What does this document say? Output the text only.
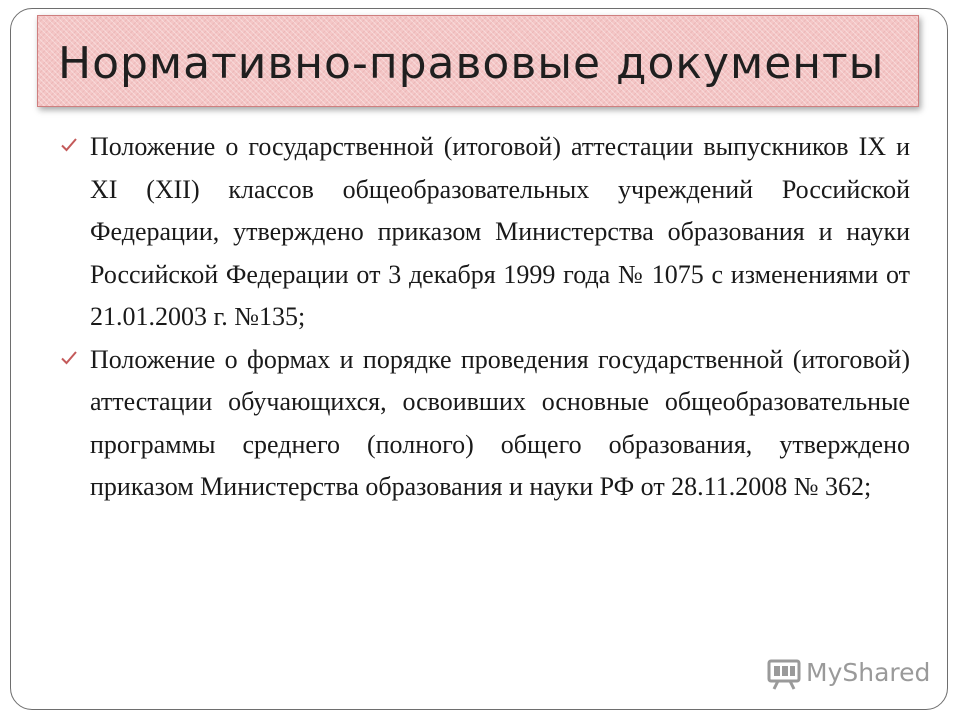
Нормативно-правовые документы
Положение о государственной (итоговой) аттестации выпускников IX и XI (XII) классов общеобразовательных учреждений Российской Федерации, утверждено приказом Министерства образования и науки Российской Федерации от 3 декабря 1999 года № 1075 с изменениями от 21.01.2003 г. №135;
Положение о формах и порядке проведения государственной (итоговой) аттестации обучающихся, освоивших основные общеобразовательные программы среднего (полного) общего образования, утверждено приказом Министерства образования и науки РФ от 28.11.2008 № 362;
MyShared
